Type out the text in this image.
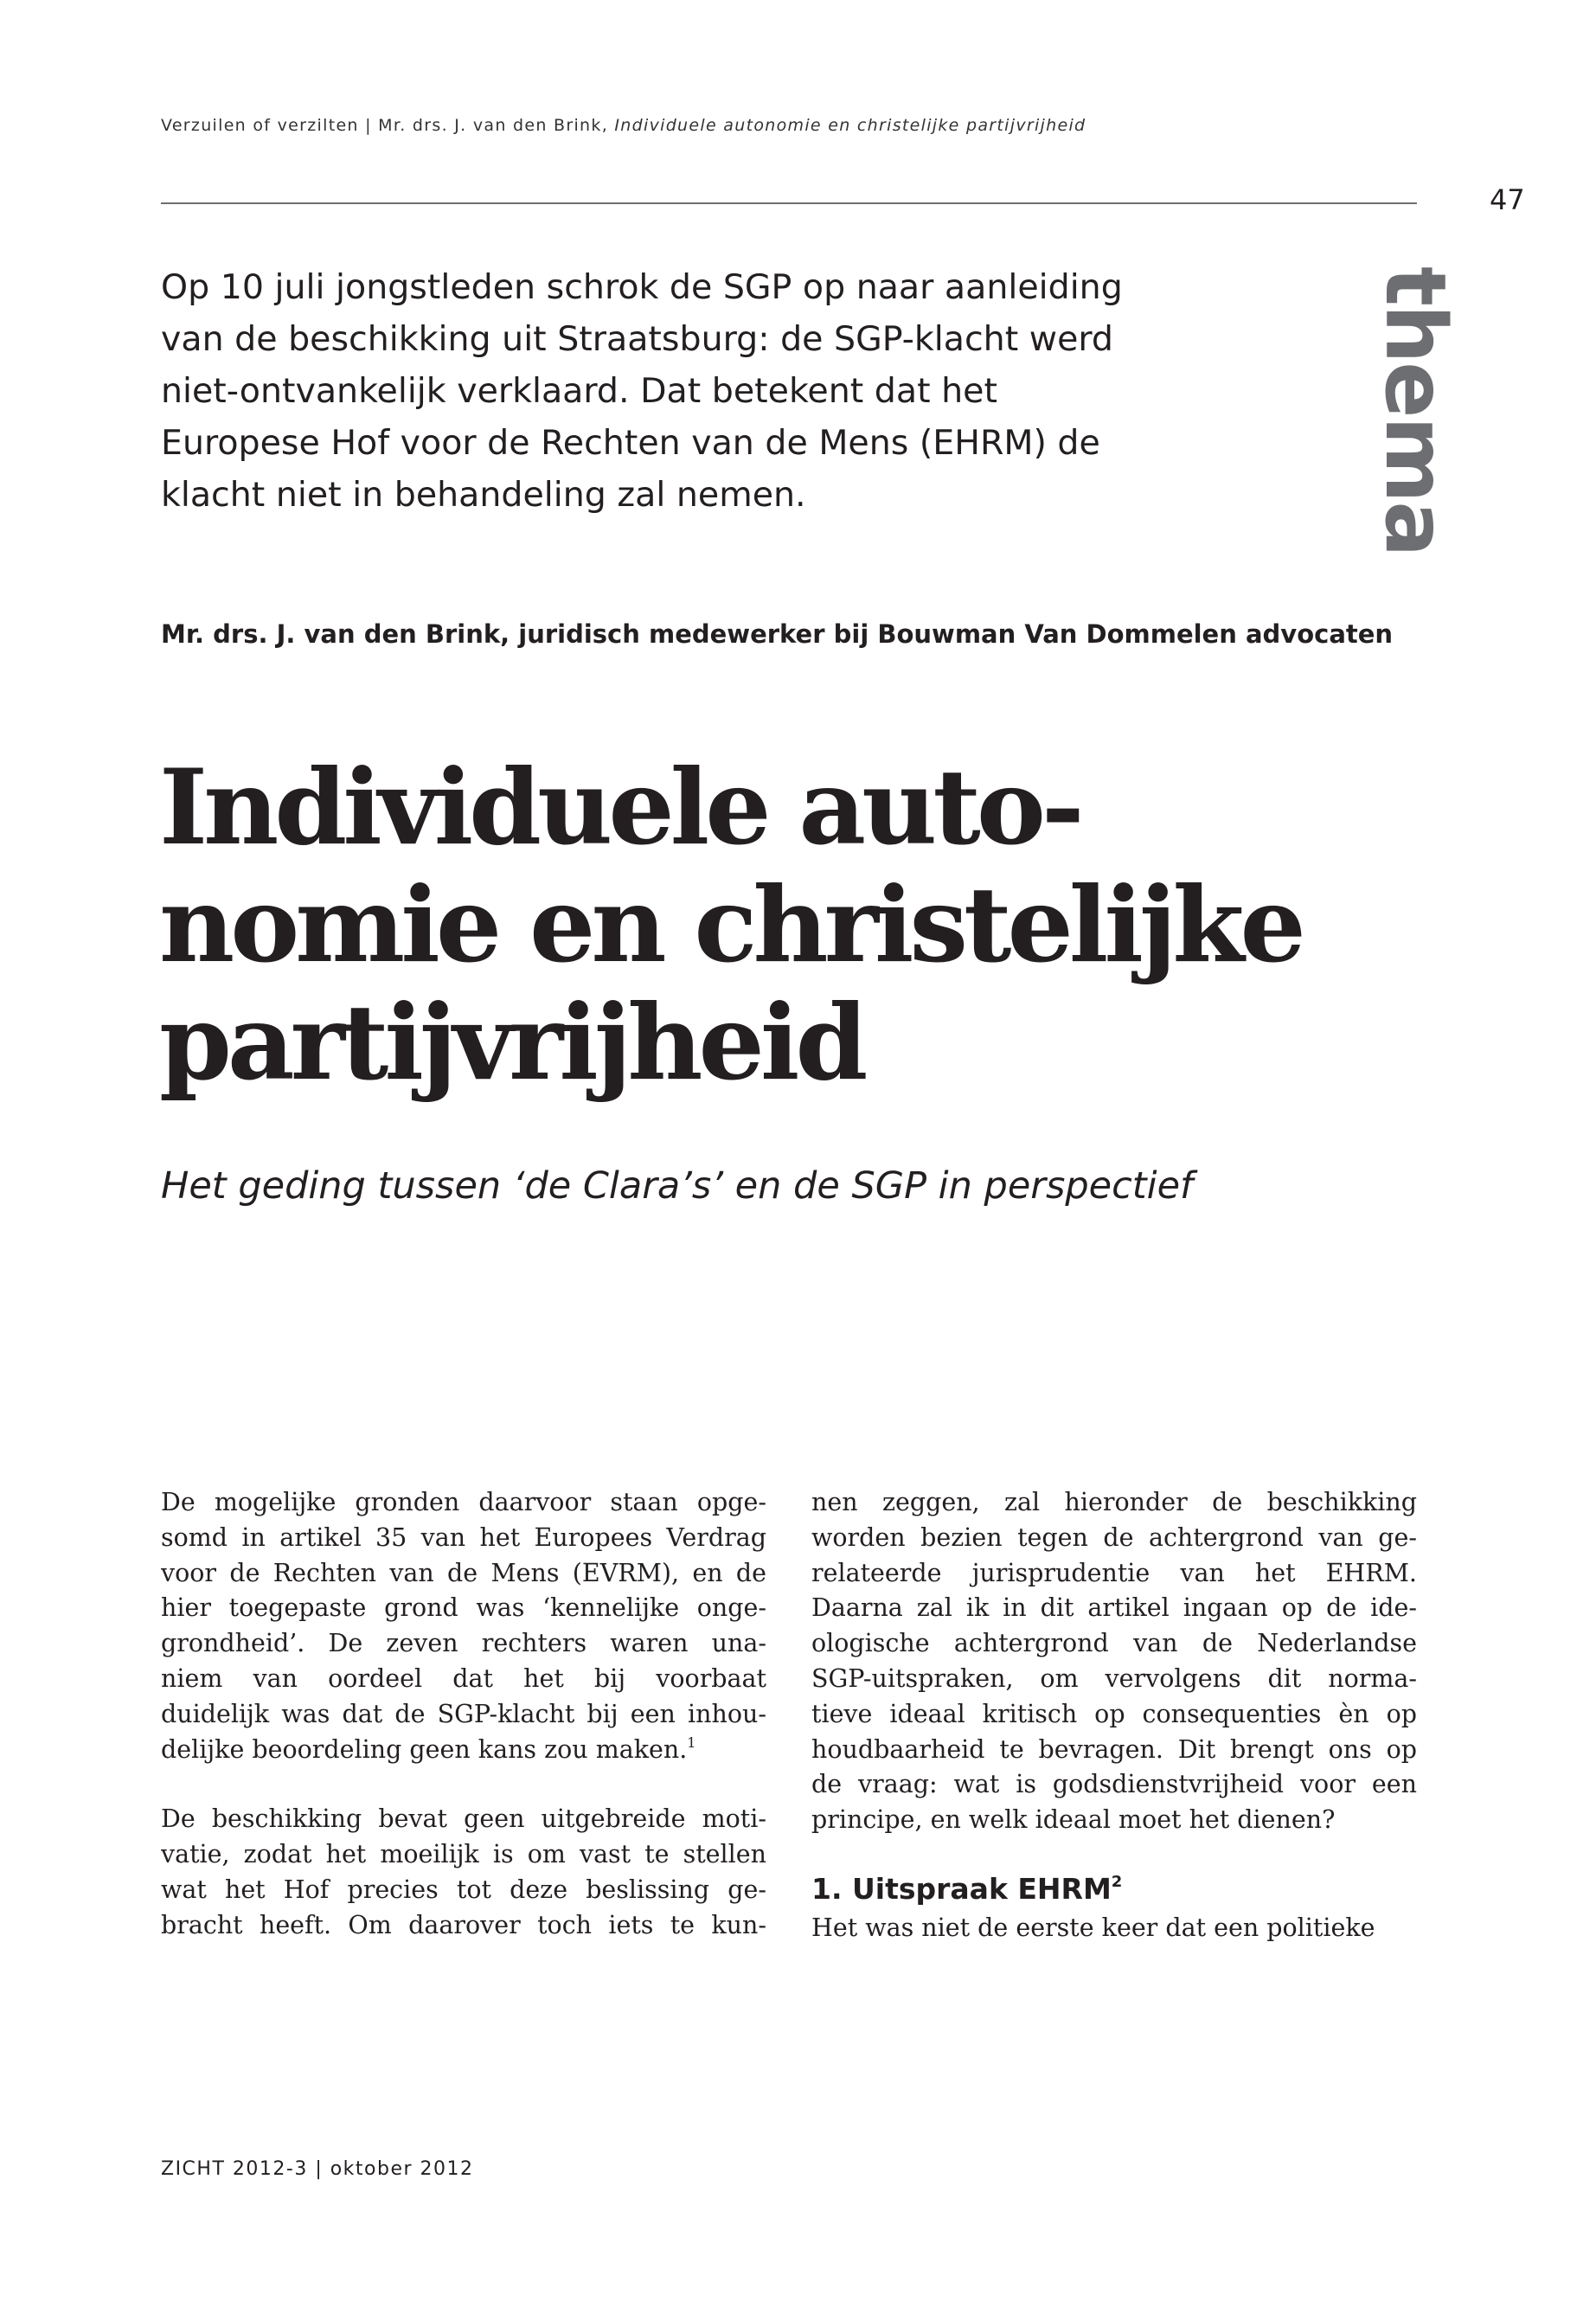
Verzuilen of verzilten | Mr. drs. J. van den Brink, Individuele autonomie en christelijke partijvrijheid
47
thema

Op 10 juli jongstleden schrok de SGP op naar aanleiding

van de beschikking uit Straatsburg: de SGP-klacht werd

niet-ontvankelijk verklaard. Dat betekent dat het

Europese Hof voor de Rechten van de Mens (EHRM) de

klacht niet in behandeling zal nemen.

Mr. drs. J. van den Brink, juridisch medewerker bij Bouwman Van Dommelen advocaten
Individuele auto-
nomie en christelijke
partijvrijheid
Het geding tussen ‘de Clara’s’ en de SGP in perspectief
De mogelijke gronden daarvoor staan opge-
somd in artikel 35 van het Europees Verdrag
voor de Rechten van de Mens (EVRM), en de
hier toegepaste grond was ‘kennelijke onge-
grondheid’. De zeven rechters waren una-
niem van oordeel dat het bij voorbaat
duidelijk was dat de SGP-klacht bij een inhou-
delijke beoordeling geen kans zou maken.$^1$
De beschikking bevat geen uitgebreide moti-
vatie, zodat het moeilijk is om vast te stellen
wat het Hof precies tot deze beslissing ge-
bracht heeft. Om daarover toch iets te kun-
nen zeggen, zal hieronder de beschikking
worden bezien tegen de achtergrond van ge-
relateerde jurisprudentie van het EHRM.
Daarna zal ik in dit artikel ingaan op de ide-
ologische achtergrond van de Nederlandse
SGP-uitspraken, om vervolgens dit norma-
tieve ideaal kritisch op consequenties èn op
houdbaarheid te bevragen. Dit brengt ons op
de vraag: wat is godsdienstvrijheid voor een
principe, en welk ideaal moet het dienen?
1. Uitspraak EHRM$^2$
Het was niet de eerste keer dat een politieke
ZICHT 2012-3 | oktober 2012
